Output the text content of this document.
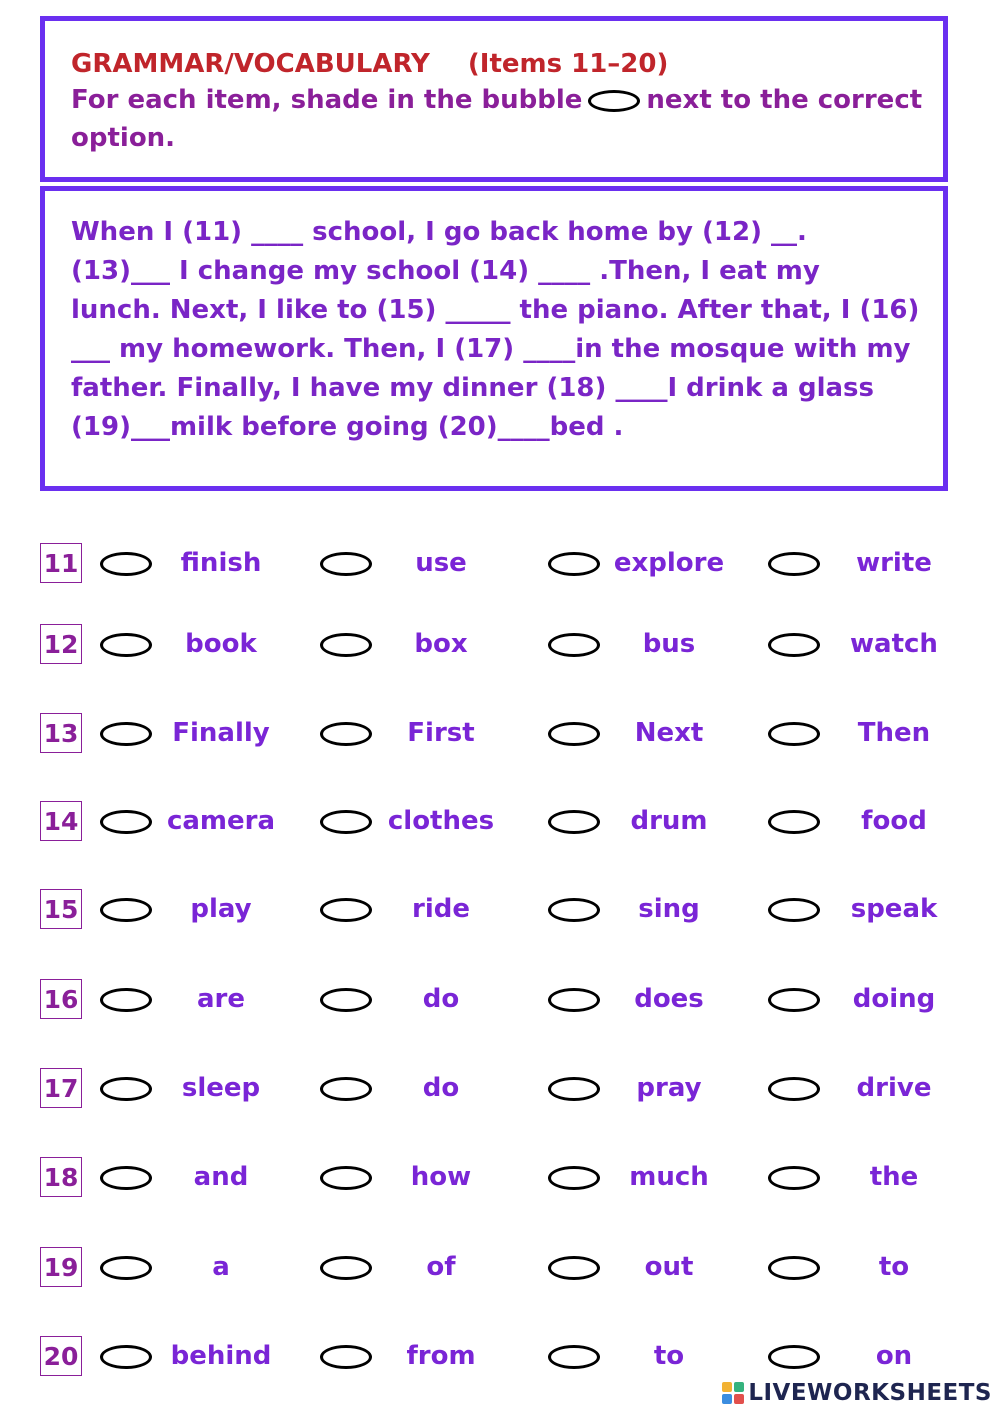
GRAMMAR/VOCABULARY (Items 11–20)
For each item, shade in the bubble next to the correct option.

When I (11) ____ school, I go back home by (12) __.

(13)___ I change my school (14) ____ .Then, I eat my

lunch. Next, I like to (15) _____ the piano. After that, I (16)

___ my homework. Then, I (17) ____in the mosque with my

father. Finally, I have my dinner (18) ____I drink a glass

(19)___milk before going (20)____bed .

11	finish	use	explore	write
12	book	box	bus	watch
13	Finally	First	Next	Then
14	camera	clothes	drum	food
15	play	ride	sing	speak
16	are	do	does	doing
17	sleep	do	pray	drive
18	and	how	much	the
19	a	of	out	to
20	behind	from	to	on
LIVEWORKSHEETS
